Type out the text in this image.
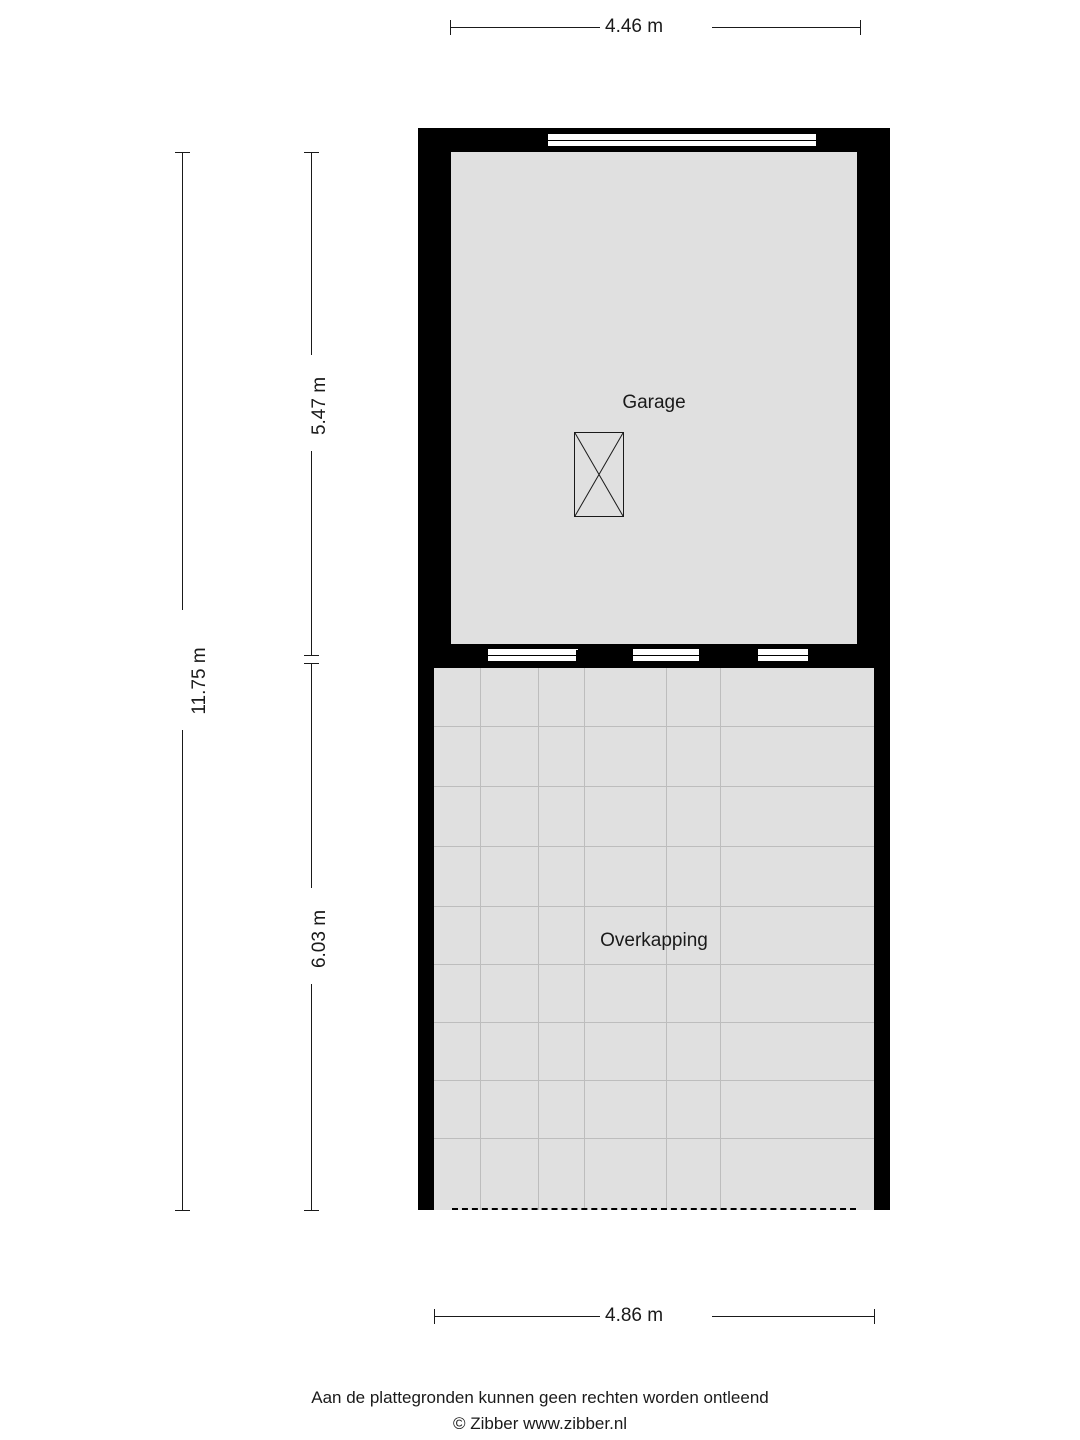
4.46 m
11.75 m
5.47 m
6.03 m
Garage
Overkapping
4.86 m
Aan de plattegronden kunnen geen rechten worden ontleend
© Zibber www.zibber.nl
